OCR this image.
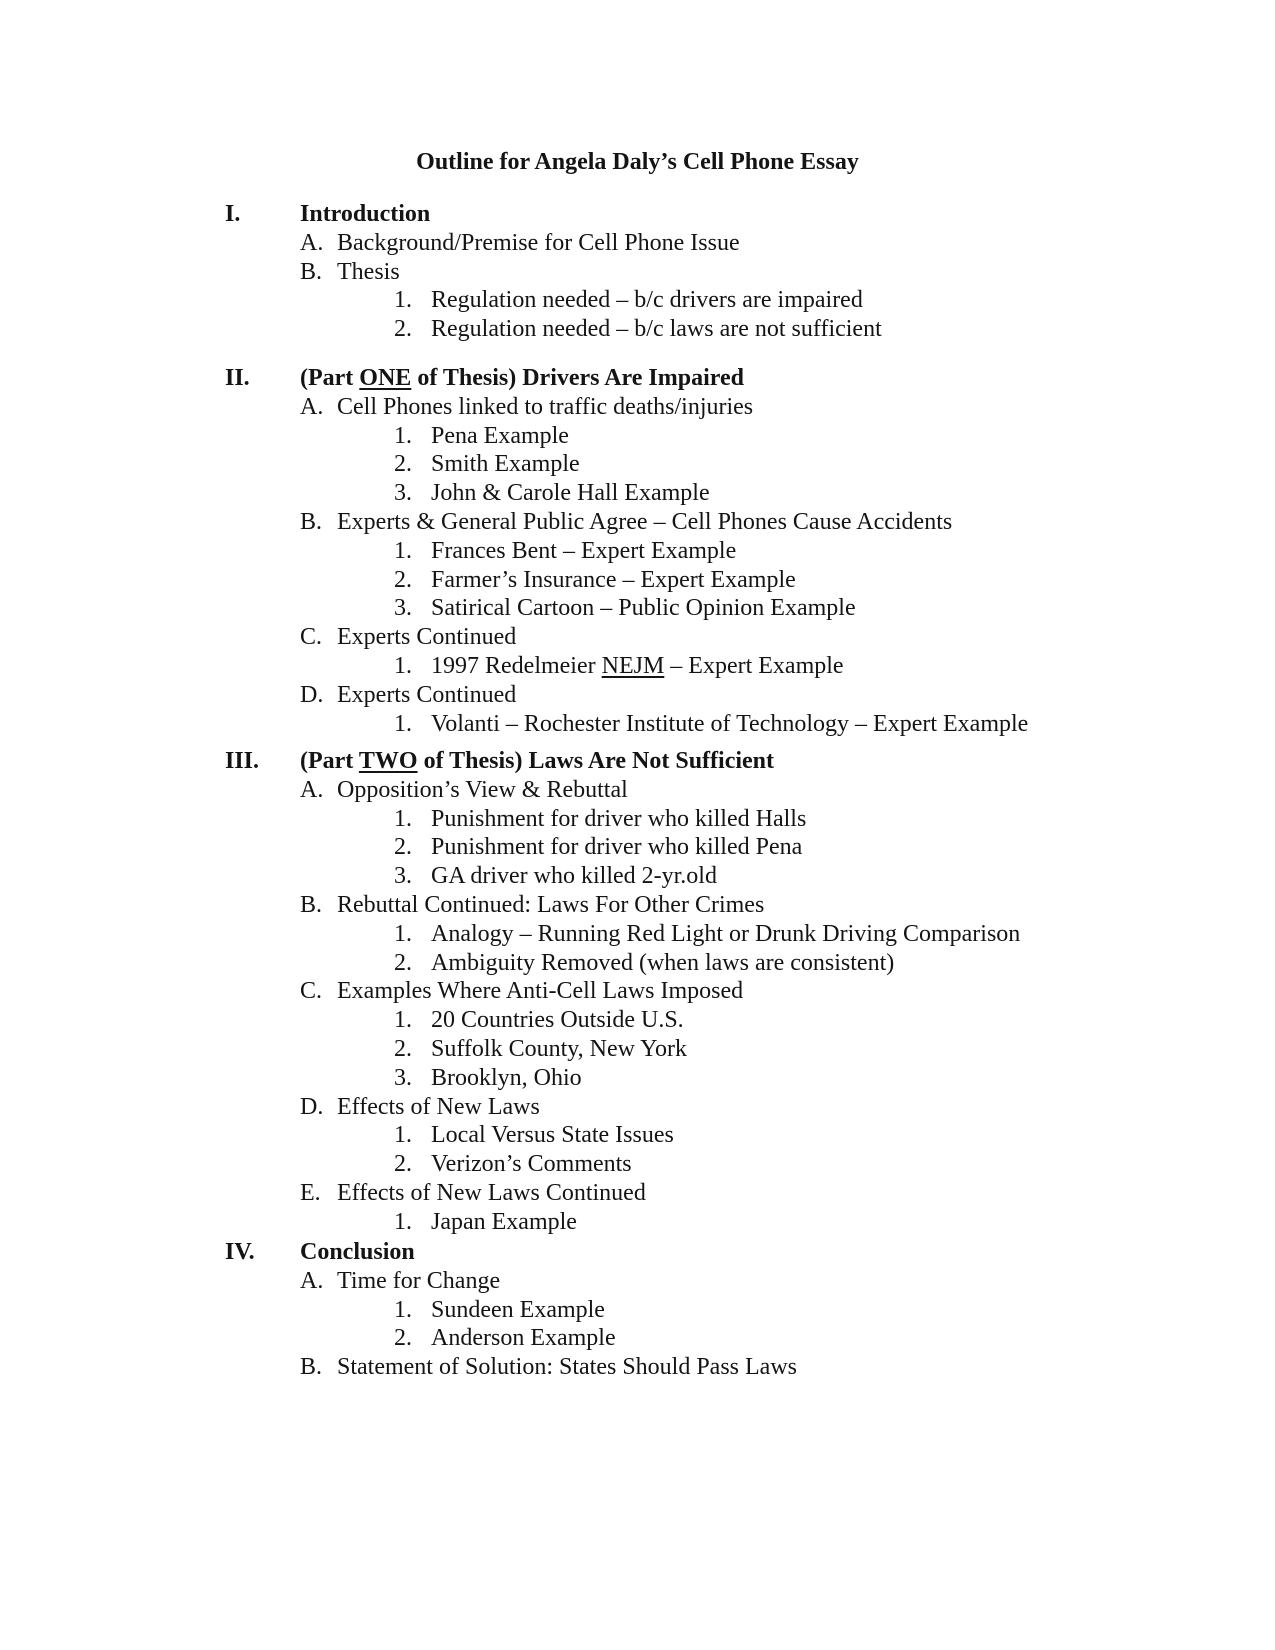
Outline for Angela Daly’s Cell Phone Essay
I. Introduction
A. Background/Premise for Cell Phone Issue
B. Thesis
1. Regulation needed – b/c drivers are impaired
2. Regulation needed – b/c laws are not sufficient
II. (Part ONE of Thesis) Drivers Are Impaired
A. Cell Phones linked to traffic deaths/injuries
1. Pena Example
2. Smith Example
3. John & Carole Hall Example
B. Experts & General Public Agree – Cell Phones Cause Accidents
1. Frances Bent – Expert Example
2. Farmer’s Insurance – Expert Example
3. Satirical Cartoon – Public Opinion Example
C. Experts Continued
1. 1997 Redelmeier NEJM – Expert Example
D. Experts Continued
1. Volanti – Rochester Institute of Technology – Expert Example
III. (Part TWO of Thesis) Laws Are Not Sufficient
A. Opposition’s View & Rebuttal
1. Punishment for driver who killed Halls
2. Punishment for driver who killed Pena
3. GA driver who killed 2-yr.old
B. Rebuttal Continued: Laws For Other Crimes
1. Analogy – Running Red Light or Drunk Driving Comparison
2. Ambiguity Removed (when laws are consistent)
C. Examples Where Anti-Cell Laws Imposed
1. 20 Countries Outside U.S.
2. Suffolk County, New York
3. Brooklyn, Ohio
D. Effects of New Laws
1. Local Versus State Issues
2. Verizon’s Comments
E. Effects of New Laws Continued
1. Japan Example
IV. Conclusion
A. Time for Change
1. Sundeen Example
2. Anderson Example
B. Statement of Solution: States Should Pass Laws
